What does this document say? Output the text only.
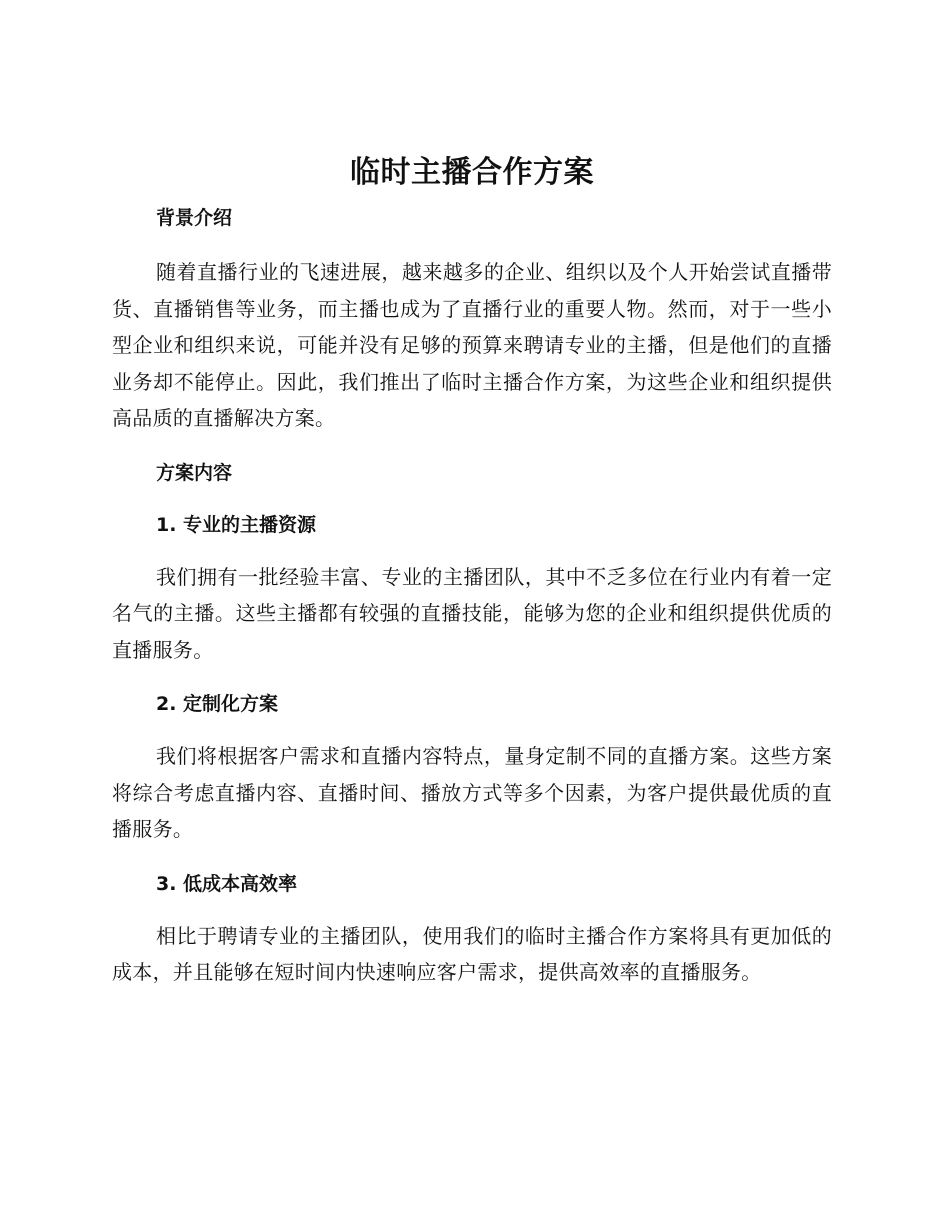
临时主播合作方案
背景介绍

随着直播行业的飞速进展，越来越多的企业、组织以及个人开始尝试直播带货、直播销售等业务，而主播也成为了直播行业的重要人物。然而，对于一些小型企业和组织来说，可能并没有足够的预算来聘请专业的主播，但是他们的直播业务却不能停止。因此，我们推出了临时主播合作方案，为这些企业和组织提供高品质的直播解决方案。

方案内容
1. 专业的主播资源

我们拥有一批经验丰富、专业的主播团队，其中不乏多位在行业内有着一定名气的主播。这些主播都有较强的直播技能，能够为您的企业和组织提供优质的直播服务。

2. 定制化方案

我们将根据客户需求和直播内容特点，量身定制不同的直播方案。这些方案将综合考虑直播内容、直播时间、播放方式等多个因素，为客户提供最优质的直播服务。

3. 低成本高效率

相比于聘请专业的主播团队，使用我们的临时主播合作方案将具有更加低的成本，并且能够在短时间内快速响应客户需求，提供高效率的直播服务。
